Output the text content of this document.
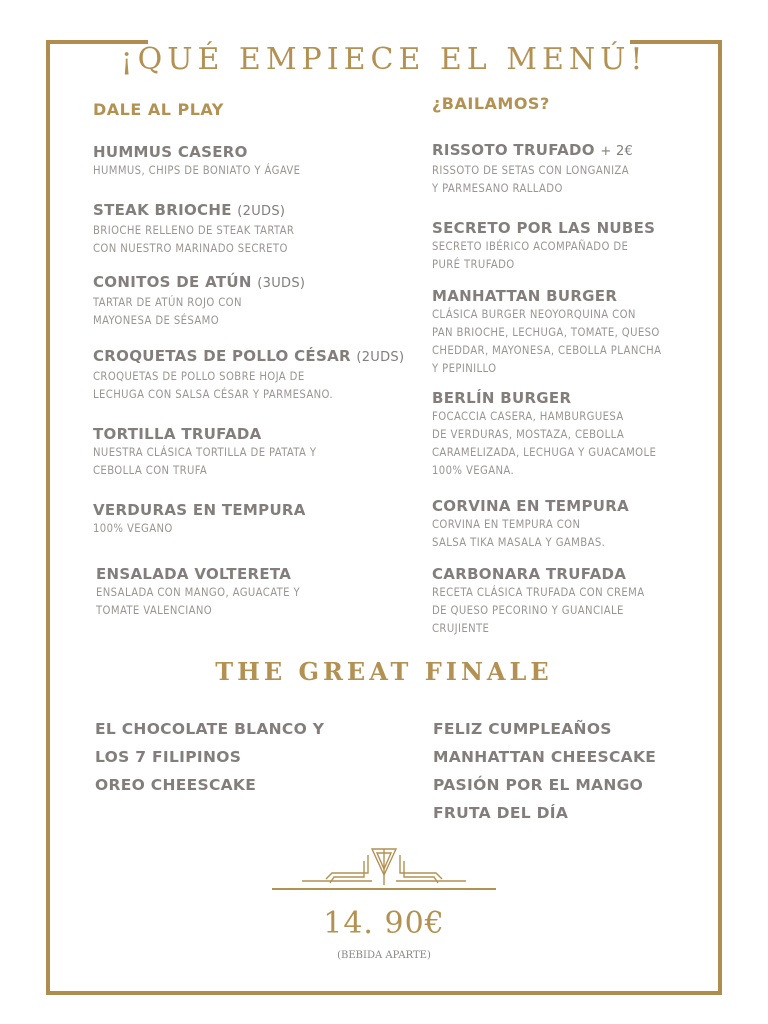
¡QUÉ EMPIECE EL MENÚ!
DALE AL PLAY
HUMMUS CASERO
HUMMUS, CHIPS DE BONIATO Y ÁGAVE
STEAK BRIOCHE (2UDS)
BRIOCHE RELLENO DE STEAK TARTAR
CON NUESTRO MARINADO SECRETO
CONITOS DE ATÚN (3UDS)
TARTAR DE ATÚN ROJO CON
MAYONESA DE SÉSAMO
CROQUETAS DE POLLO CÉSAR (2UDS)
CROQUETAS DE POLLO SOBRE HOJA DE
LECHUGA CON SALSA CÉSAR Y PARMESANO.
TORTILLA TRUFADA
NUESTRA CLÁSICA TORTILLA DE PATATA Y
CEBOLLA CON TRUFA
VERDURAS EN TEMPURA
100% VEGANO
ENSALADA VOLTERETA
ENSALADA CON MANGO, AGUACATE Y
TOMATE VALENCIANO
¿BAILAMOS?
RISSOTO TRUFADO + 2€
RISSOTO DE SETAS CON LONGANIZA
Y PARMESANO RALLADO
SECRETO POR LAS NUBES
SECRETO IBÉRICO ACOMPAÑADO DE
PURÉ TRUFADO
MANHATTAN BURGER
CLÁSICA BURGER NEOYORQUINA CON
PAN BRIOCHE, LECHUGA, TOMATE, QUESO
CHEDDAR, MAYONESA, CEBOLLA PLANCHA
Y PEPINILLO
BERLÍN BURGER
FOCACCIA CASERA, HAMBURGUESA
DE VERDURAS, MOSTAZA, CEBOLLA
CARAMELIZADA, LECHUGA Y GUACAMOLE
100% VEGANA.
CORVINA EN TEMPURA
CORVINA EN TEMPURA CON
SALSA TIKA MASALA Y GAMBAS.
CARBONARA TRUFADA
RECETA CLÁSICA TRUFADA CON CREMA
DE QUESO PECORINO Y GUANCIALE
CRUJIENTE
THE GREAT FINALE
EL CHOCOLATE BLANCO Y
LOS 7 FILIPINOS
OREO CHEESCAKE
FELIZ CUMPLEAÑOS
MANHATTAN CHEESCAKE
PASIÓN POR EL MANGO
FRUTA DEL DÍA
14. 90€
(BEBIDA APARTE)
